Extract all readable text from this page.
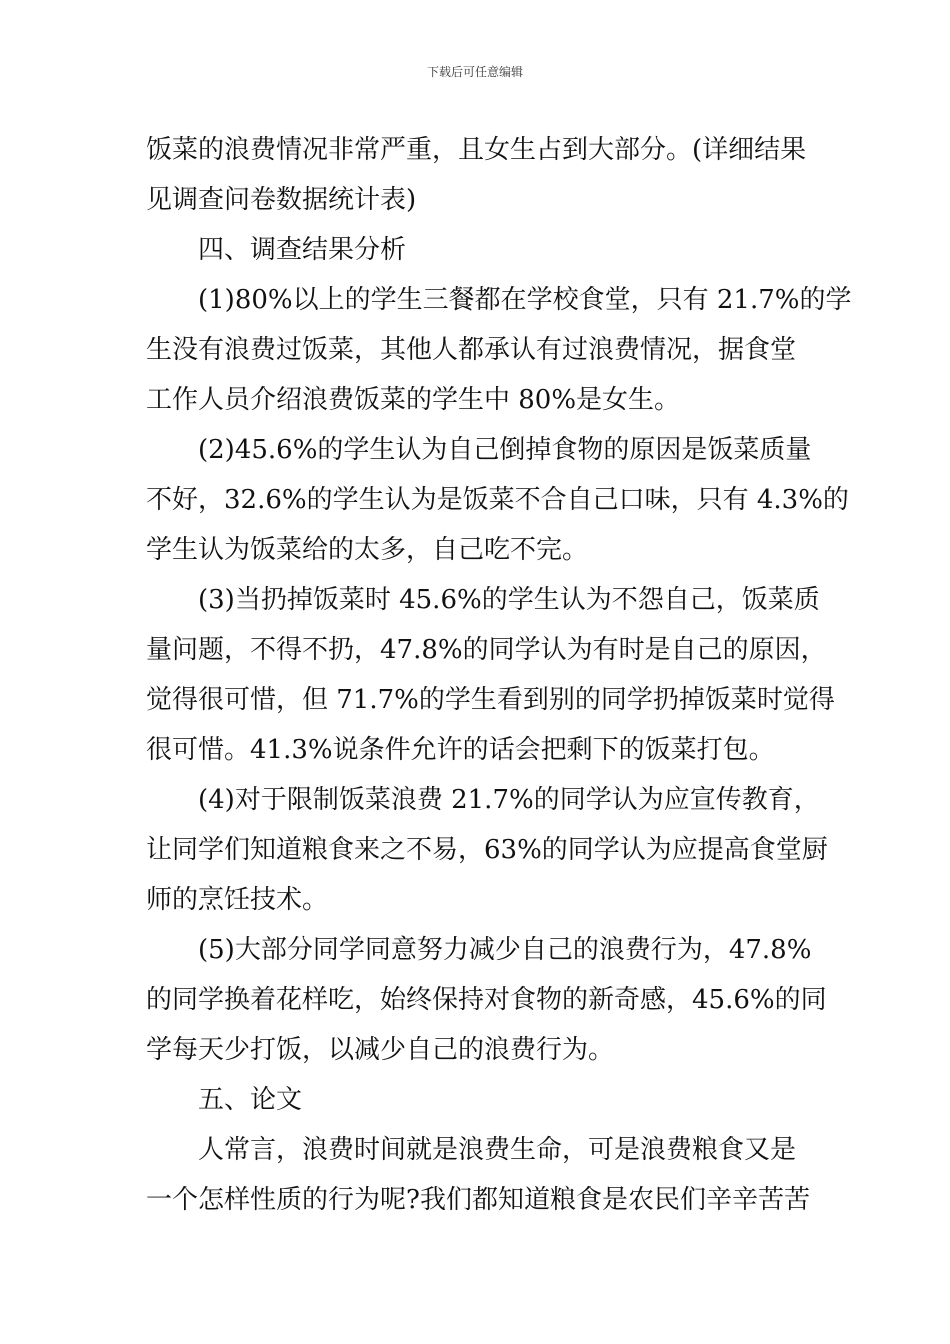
下载后可任意编辑

饭菜的浪费情况非常严重，且女生占到大部分。(详细结果
见调查问卷数据统计表)

四、调查结果分析

(1)80%以上的学生三餐都在学校食堂，只有 21.7%的学
生没有浪费过饭菜，其他人都承认有过浪费情况，据食堂
工作人员介绍浪费饭菜的学生中 80%是女生。

(2)45.6%的学生认为自己倒掉食物的原因是饭菜质量
不好，32.6%的学生认为是饭菜不合自己口味，只有 4.3%的
学生认为饭菜给的太多，自己吃不完。

(3)当扔掉饭菜时 45.6%的学生认为不怨自己，饭菜质
量问题，不得不扔，47.8%的同学认为有时是自己的原因，
觉得很可惜，但 71.7%的学生看到别的同学扔掉饭菜时觉得
很可惜。41.3%说条件允许的话会把剩下的饭菜打包。

(4)对于限制饭菜浪费 21.7%的同学认为应宣传教育，
让同学们知道粮食来之不易，63%的同学认为应提高食堂厨
师的烹饪技术。

(5)大部分同学同意努力减少自己的浪费行为，47.8%
的同学换着花样吃，始终保持对食物的新奇感，45.6%的同
学每天少打饭，以减少自己的浪费行为。

五、论文

人常言，浪费时间就是浪费生命，可是浪费粮食又是
一个怎样性质的行为呢?我们都知道粮食是农民们辛辛苦苦
